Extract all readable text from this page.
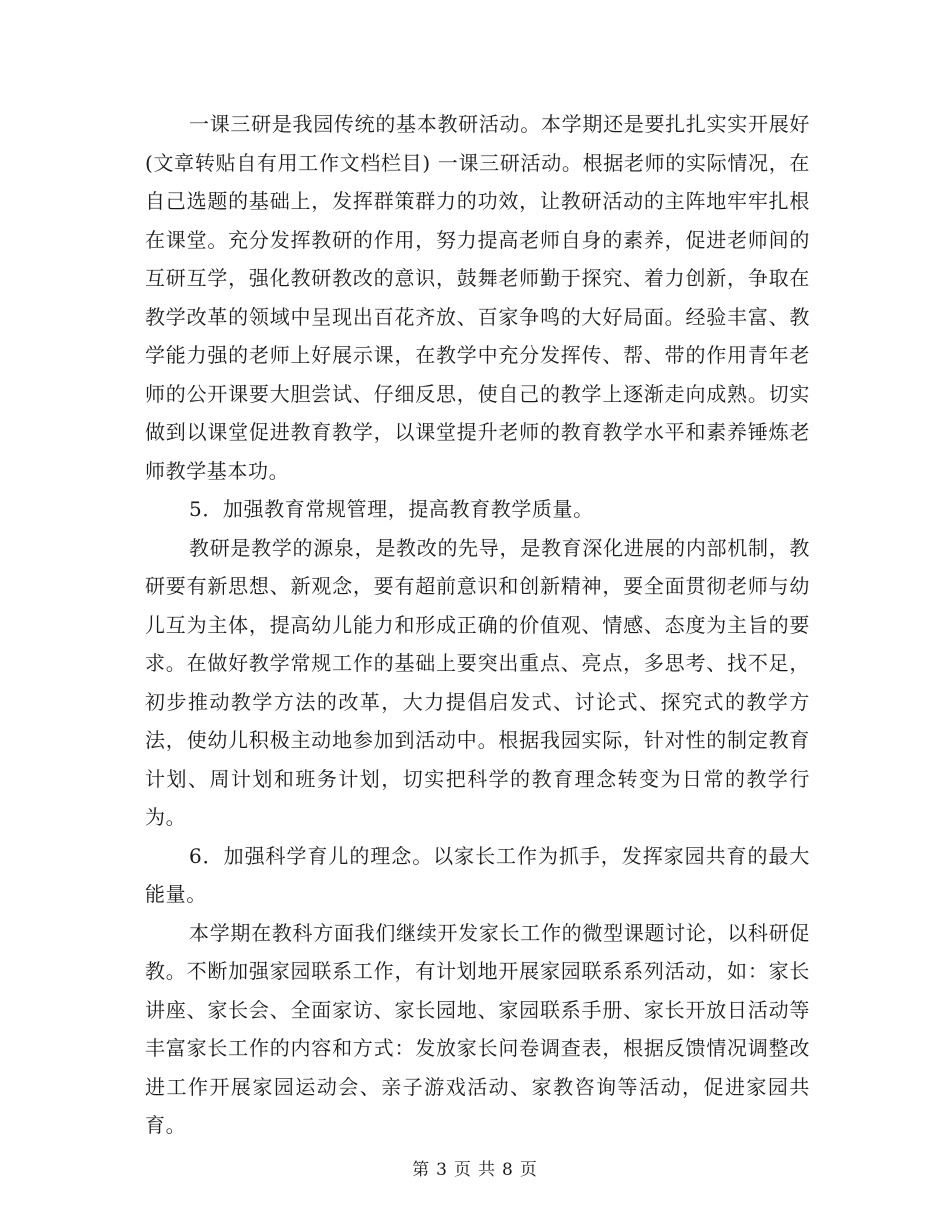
一课三研是我园传统的基本教研活动。本学期还是要扎扎实实开展好(文章转贴自有用工作文档栏目) 一课三研活动。根据老师的实际情况，在自己选题的基础上，发挥群策群力的功效，让教研活动的主阵地牢牢扎根在课堂。充分发挥教研的作用，努力提高老师自身的素养，促进老师间的互研互学，强化教研教改的意识，鼓舞老师勤于探究、着力创新，争取在教学改革的领域中呈现出百花齐放、百家争鸣的大好局面。经验丰富、教学能力强的老师上好展示课，在教学中充分发挥传、帮、带的作用青年老师的公开课要大胆尝试、仔细反思，使自己的教学上逐渐走向成熟。切实做到以课堂促进教育教学，以课堂提升老师的教育教学水平和素养锤炼老师教学基本功。

5．加强教育常规管理，提高教育教学质量。

教研是教学的源泉，是教改的先导，是教育深化进展的内部机制，教研要有新思想、新观念，要有超前意识和创新精神，要全面贯彻老师与幼儿互为主体，提高幼儿能力和形成正确的价值观、情感、态度为主旨的要求。在做好教学常规工作的基础上要突出重点、亮点，多思考、找不足，初步推动教学方法的改革，大力提倡启发式、讨论式、探究式的教学方法，使幼儿积极主动地参加到活动中。根据我园实际，针对性的制定教育计划、周计划和班务计划，切实把科学的教育理念转变为日常的教学行为。

6．加强科学育儿的理念。以家长工作为抓手，发挥家园共育的最大能量。

本学期在教科方面我们继续开发家长工作的微型课题讨论，以科研促教。不断加强家园联系工作，有计划地开展家园联系系列活动，如：家长讲座、家长会、全面家访、家长园地、家园联系手册、家长开放日活动等丰富家长工作的内容和方式：发放家长问卷调查表，根据反馈情况调整改进工作开展家园运动会、亲子游戏活动、家教咨询等活动，促进家园共育。

第 3 页 共 8 页
